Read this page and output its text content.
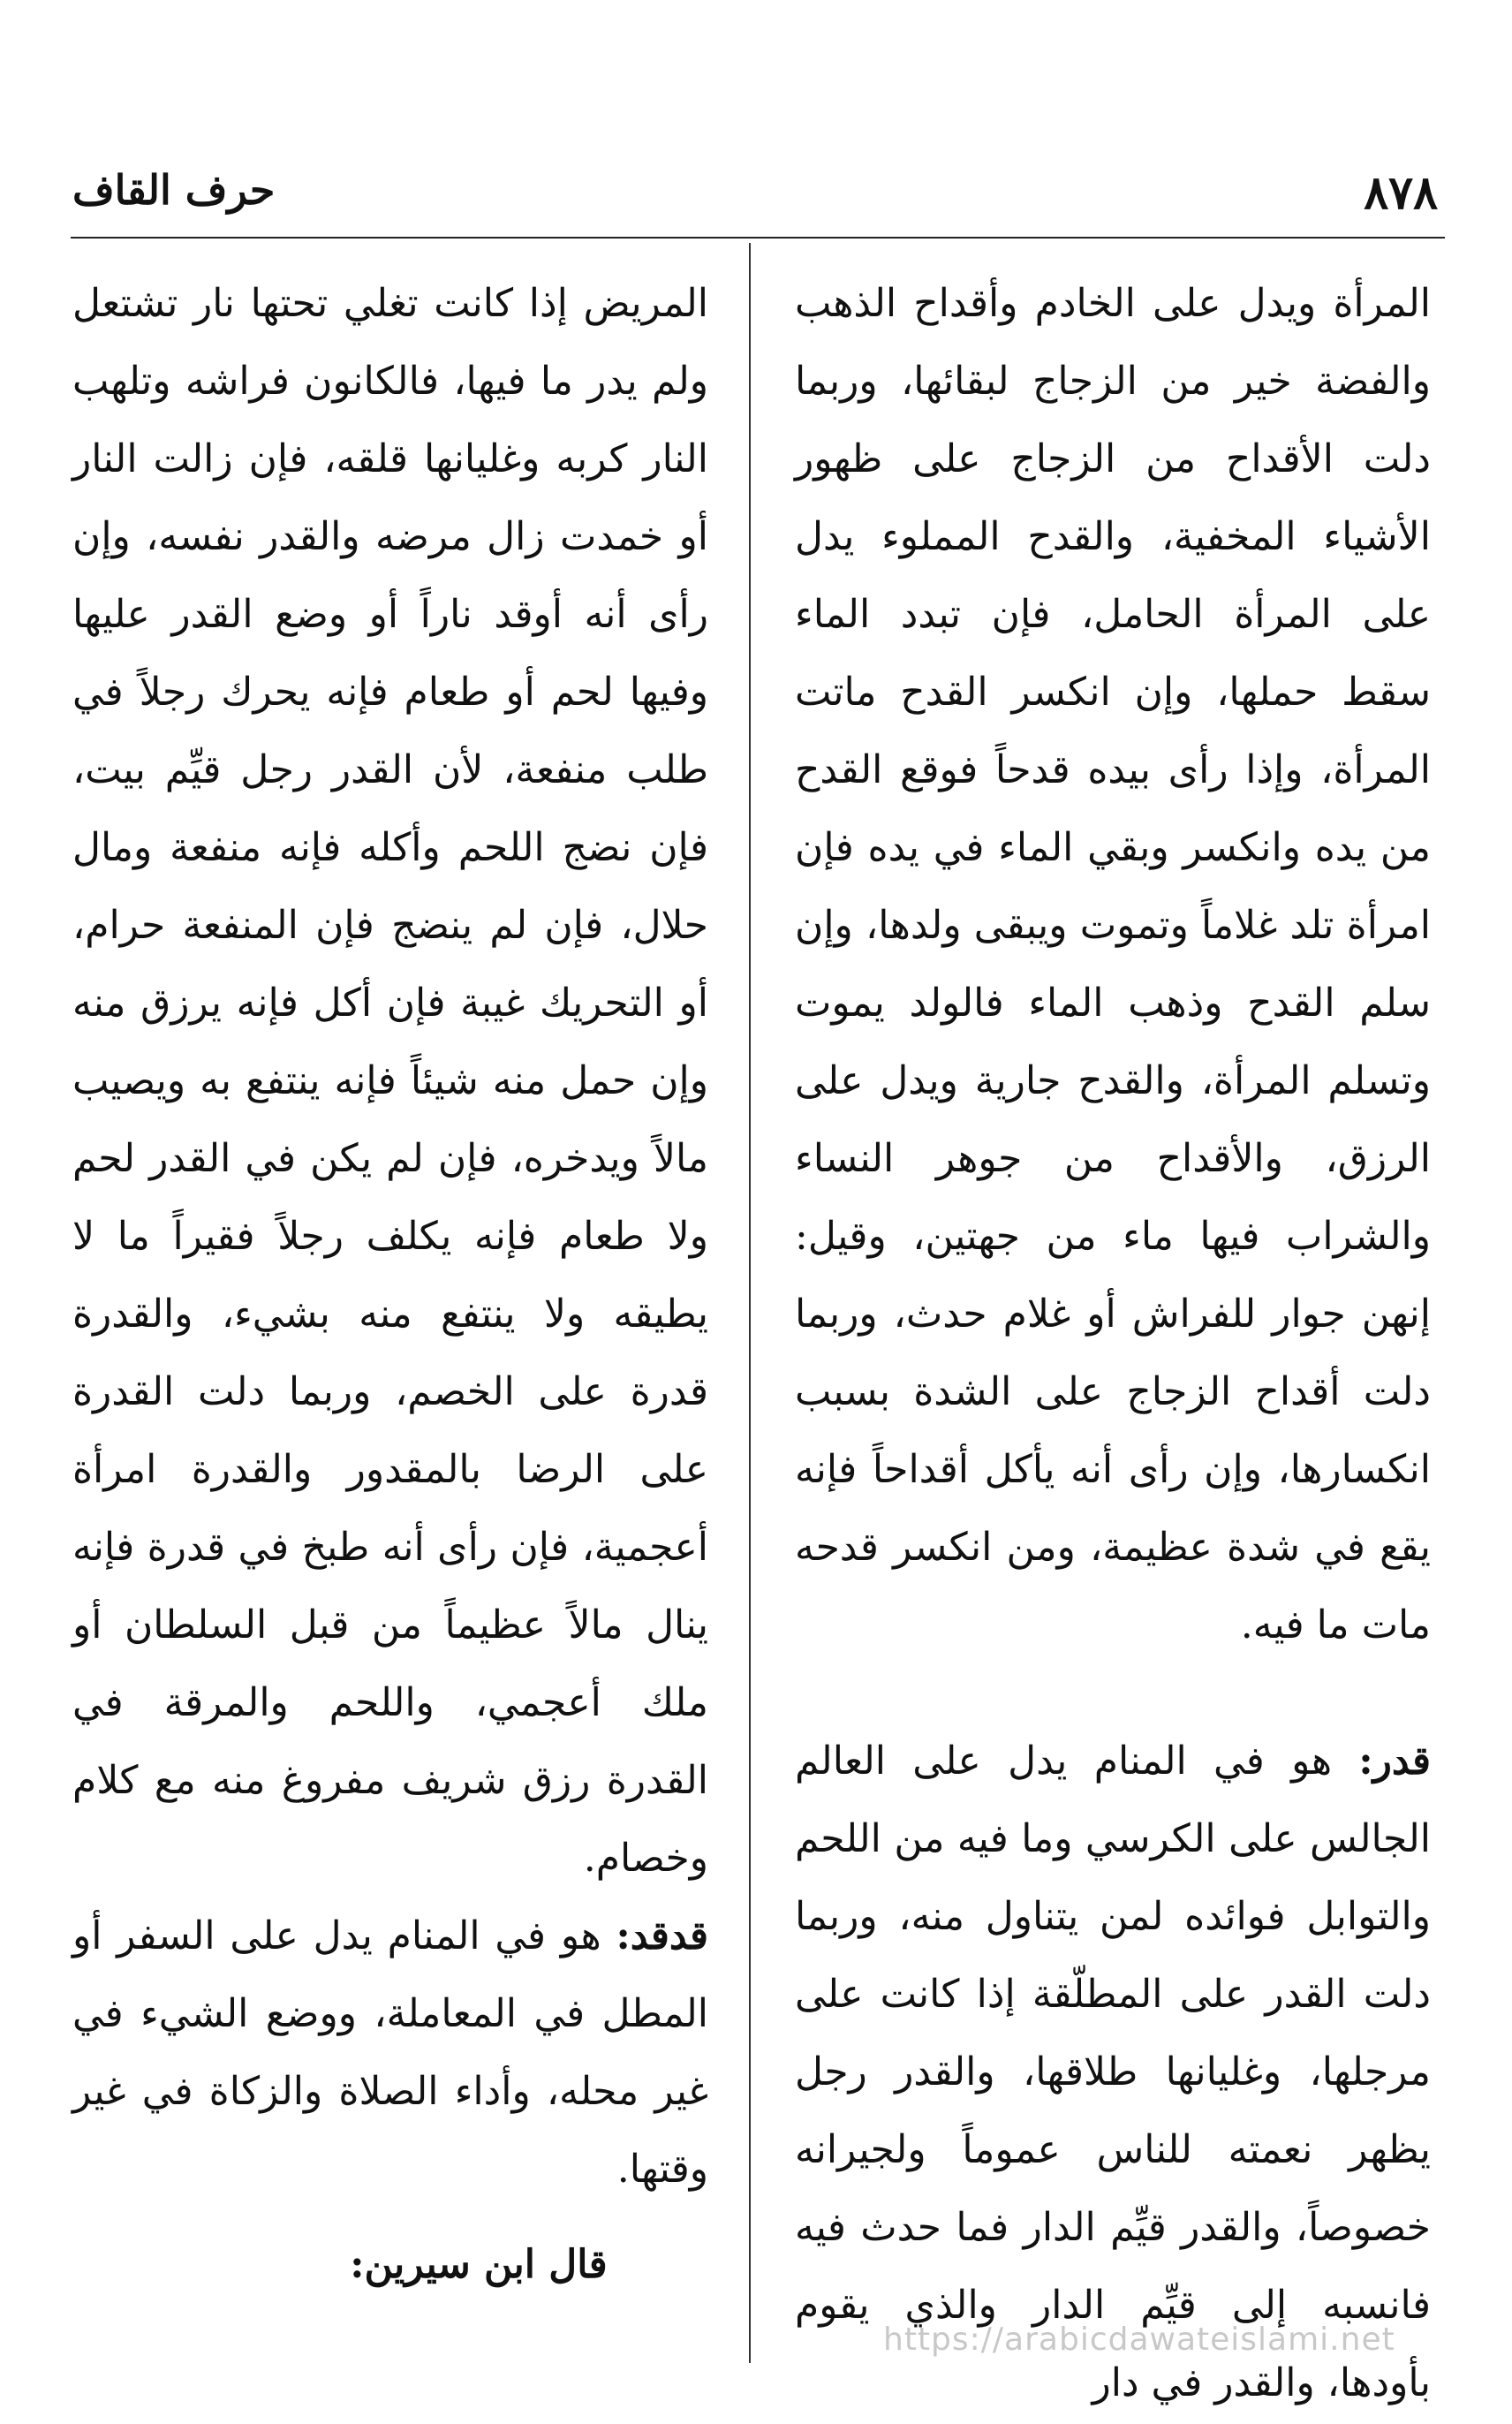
٨٧٨
حرف القاف

المرأة ويدل على الخادم وأقداح الذهب والفضة خير من الزجاج لبقائها، وربما دلت الأقداح من الزجاج على ظهور الأشياء المخفية، والقدح المملوء يدل على المرأة الحامل، فإن تبدد الماء سقط حملها، وإن انكسر القدح ماتت المرأة، وإذا رأى بيده قدحاً فوقع القدح من يده وانكسر وبقي الماء في يده فإن امرأة تلد غلاماً وتموت ويبقى ولدها، وإن سلم القدح وذهب الماء فالولد يموت وتسلم المرأة، والقدح جارية ويدل على الرزق، والأقداح من جوهر النساء والشراب فيها ماء من جهتين، وقيل: إنهن جوار للفراش أو غلام حدث، وربما دلت أقداح الزجاج على الشدة بسبب انكسارها، وإن رأى أنه يأكل أقداحاً فإنه يقع في شدة عظيمة، ومن انكسر قدحه مات ما فيه.

قدر: هو في المنام يدل على العالم الجالس على الكرسي وما فيه من اللحم والتوابل فوائده لمن يتناول منه، وربما دلت القدر على المطلّقة إذا كانت على مرجلها، وغليانها طلاقها، والقدر رجل يظهر نعمته للناس عموماً ولجيرانه خصوصاً، والقدر قيِّم الدار فما حدث فيه فانسبه إلى قيِّم الدار والذي يقوم بأودها، والقدر في دار

المريض إذا كانت تغلي تحتها نار تشتعل ولم يدر ما فيها، فالكانون فراشه وتلهب النار كربه وغليانها قلقه، فإن زالت النار أو خمدت زال مرضه والقدر نفسه، وإن رأى أنه أوقد ناراً أو وضع القدر عليها وفيها لحم أو طعام فإنه يحرك رجلاً في طلب منفعة، لأن القدر رجل قيِّم بيت، فإن نضج اللحم وأكله فإنه منفعة ومال حلال، فإن لم ينضج فإن المنفعة حرام، أو التحريك غيبة فإن أكل فإنه يرزق منه وإن حمل منه شيئاً فإنه ينتفع به ويصيب مالاً ويدخره، فإن لم يكن في القدر لحم ولا طعام فإنه يكلف رجلاً فقيراً ما لا يطيقه ولا ينتفع منه بشيء، والقدرة قدرة على الخصم، وربما دلت القدرة على الرضا بالمقدور والقدرة امرأة أعجمية، فإن رأى أنه طبخ في قدرة فإنه ينال مالاً عظيماً من قبل السلطان أو ملك أعجمي، واللحم والمرقة في القدرة رزق شريف مفروغ منه مع كلام وخصام.

قدقد: هو في المنام يدل على السفر أو المطل في المعاملة، ووضع الشيء في غير محله، وأداء الصلاة والزكاة في غير وقتها.

قال ابن سيرين:

https://arabicdawateislami.net
